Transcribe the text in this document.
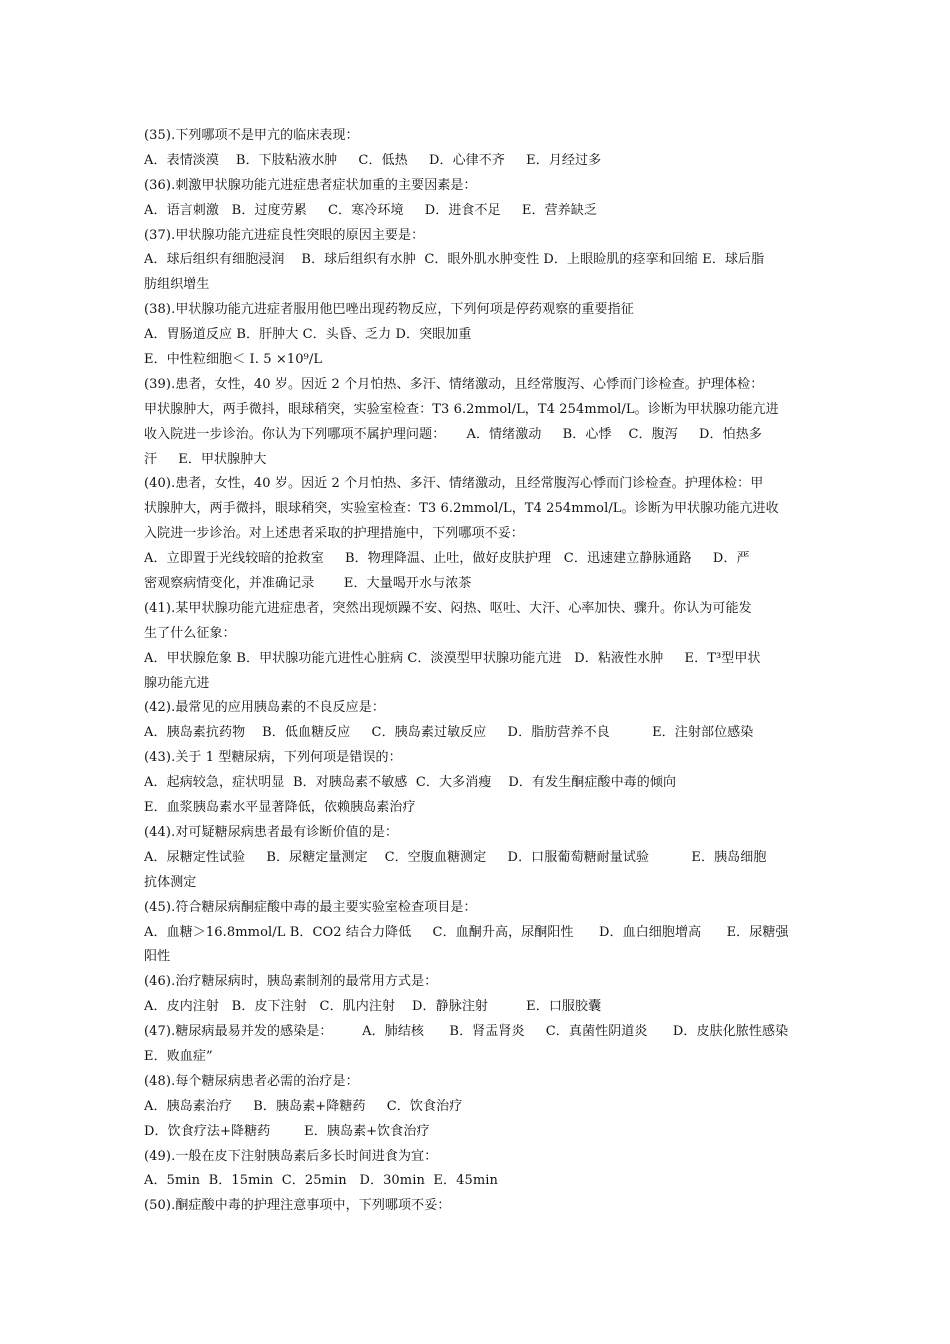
(35).下列哪项不是甲亢的临床表现：
A．表情淡漠    B．下肢粘液水肿     C．低热     D．心律不齐     E．月经过多
(36).刺激甲状腺功能亢进症患者症状加重的主要因素是：
A．语言刺激   B．过度劳累     C．寒冷环境     D．进食不足     E．营养缺乏
(37).甲状腺功能亢进症良性突眼的原因主要是：
A．球后组织有细胞浸润    B．球后组织有水肿  C．眼外肌水肿变性 D．上眼睑肌的痉挛和回缩 E．球后脂
肪组织增生
(38).甲状腺功能亢进症者服用他巴唑出现药物反应，下列何项是停药观察的重要指征
A．胃肠道反应 B．肝肿大 C．头昏、乏力 D．突眼加重
E．中性粒细胞＜ Ⅰ. 5 ×10⁹/L
(39).患者，女性，40 岁。因近 2 个月怕热、多汗、情绪激动，且经常腹泻、心悸而门诊检查。护理体检：
甲状腺肿大，两手微抖，眼球稍突，实验室检查：T3 6.2mmol/L，T4 254mmol/L。诊断为甲状腺功能亢进
收入院进一步诊治。你认为下列哪项不属护理问题：     A．情绪激动     B．心悸    C．腹泻     D．怕热多
汗     E．甲状腺肿大
(40).患者，女性，40 岁。因近 2 个月怕热、多汗、情绪激动，且经常腹泻心悸而门诊检查。护理体检：甲
状腺肿大，两手微抖，眼球稍突，实验室检查：T3 6.2mmol/L，T4 254mmol/L。诊断为甲状腺功能亢进收
入院进一步诊治。对上述患者采取的护理措施中，下列哪项不妥：
A．立即置于光线较暗的抢救室     B．物理降温、止吐，做好皮肤护理   C．迅速建立静脉通路     D．严
密观察病情变化，并准确记录       E．大量喝开水与浓茶
(41).某甲状腺功能亢进症患者，突然出现烦躁不安、闷热、呕吐、大汗、心率加快、骤升。你认为可能发
生了什么征象：
A．甲状腺危象 B．甲状腺功能亢进性心脏病 C．淡漠型甲状腺功能亢进   D．粘液性水肿     E．T³型甲状
腺功能亢进
(42).最常见的应用胰岛素的不良反应是：
A．胰岛素抗药物    B．低血糖反应     C．胰岛素过敏反应     D．脂肪营养不良          E．注射部位感染
(43).关于 1 型糖尿病，下列何项是错误的：
A．起病较急，症状明显  B．对胰岛素不敏感  C．大多消瘦    D．有发生酮症酸中毒的倾向
E．血浆胰岛素水平显著降低，依赖胰岛素治疗
(44).对可疑糖尿病患者最有诊断价值的是：
A．尿糖定性试验     B．尿糖定量测定    C．空腹血糖测定     D．口服葡萄糖耐量试验          E．胰岛细胞
抗体测定
(45).符合糖尿病酮症酸中毒的最主要实验室检查项目是：
A．血糖＞16.8mmol/L B．CO2 结合力降低     C．血酮升高，尿酮阳性      D．血白细胞增高      E．尿糖强
阳性
(46).治疗糖尿病时，胰岛素制剂的最常用方式是：
A．皮内注射   B．皮下注射   C．肌内注射    D．静脉注射         E．口服胶囊
(47).糖尿病最易并发的感染是：       A．肺结核      B．肾盂肾炎     C．真菌性阴道炎      D．皮肤化脓性感染
E．败血症”
(48).每个糖尿病患者必需的治疗是：
A．胰岛素治疗     B．胰岛素+降糖药     C．饮食治疗
D．饮食疗法+降糖药        E．胰岛素+饮食治疗
(49).一般在皮下注射胰岛素后多长时间进食为宜：
A．5min  B．15min  C．25min   D．30min  E．45min
(50).酮症酸中毒的护理注意事项中，下列哪项不妥：
